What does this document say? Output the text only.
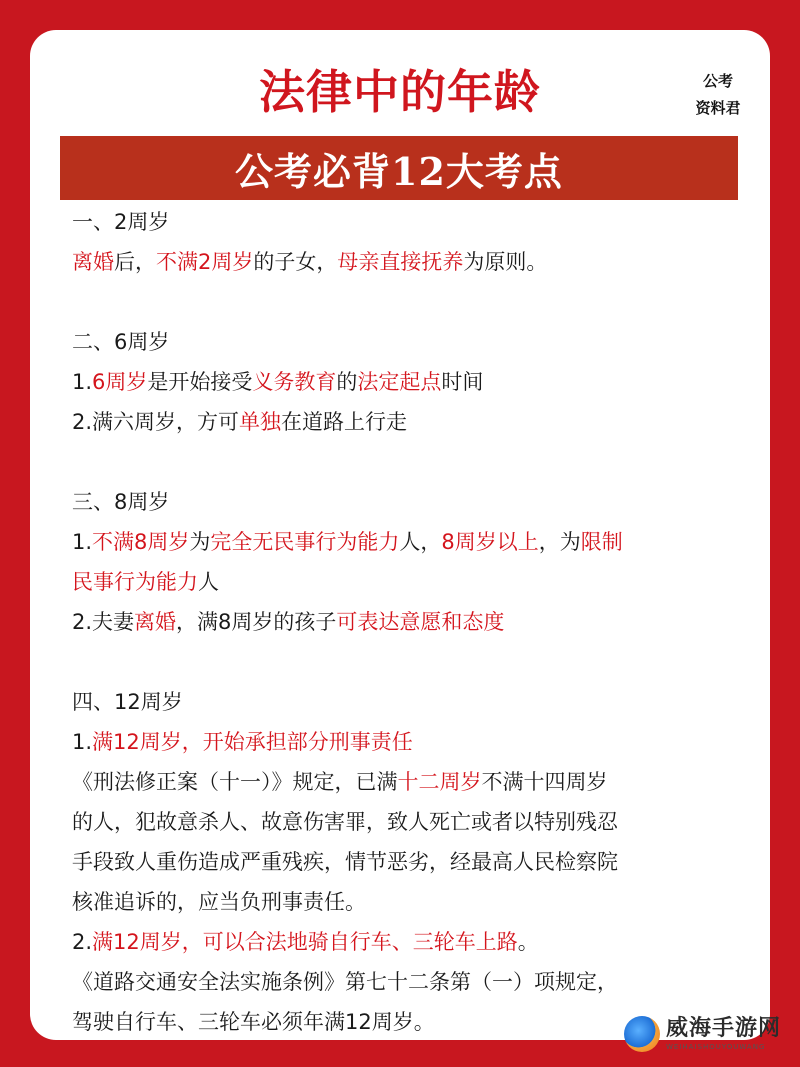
法律中的年龄	公考
资料君
公考必背12大考点
一、2周岁
离婚后，不满2周岁的子女，母亲直接抚养为原则。
二、6周岁
1.6周岁是开始接受义务教育的法定起点时间
2.满六周岁，方可单独在道路上行走
三、8周岁
1.不满8周岁为完全无民事行为能力人，8周岁以上，为限制
民事行为能力人
2.夫妻离婚，满8周岁的孩子可表达意愿和态度
四、12周岁
1.满12周岁，开始承担部分刑事责任
《刑法修正案（十一）》规定，已满十二周岁不满十四周岁
的人，犯故意杀人、故意伤害罪，致人死亡或者以特别残忍
手段致人重伤造成严重残疾，情节恶劣，经最高人民检察院
核准追诉的，应当负刑事责任。
2.满12周岁，可以合法地骑自行车、三轮车上路。
《道路交通安全法实施条例》第七十二条第（一）项规定，
驾驶自行车、三轮车必须年满12周岁。	威海手游网
WEIHAISHOUYOUWANG
